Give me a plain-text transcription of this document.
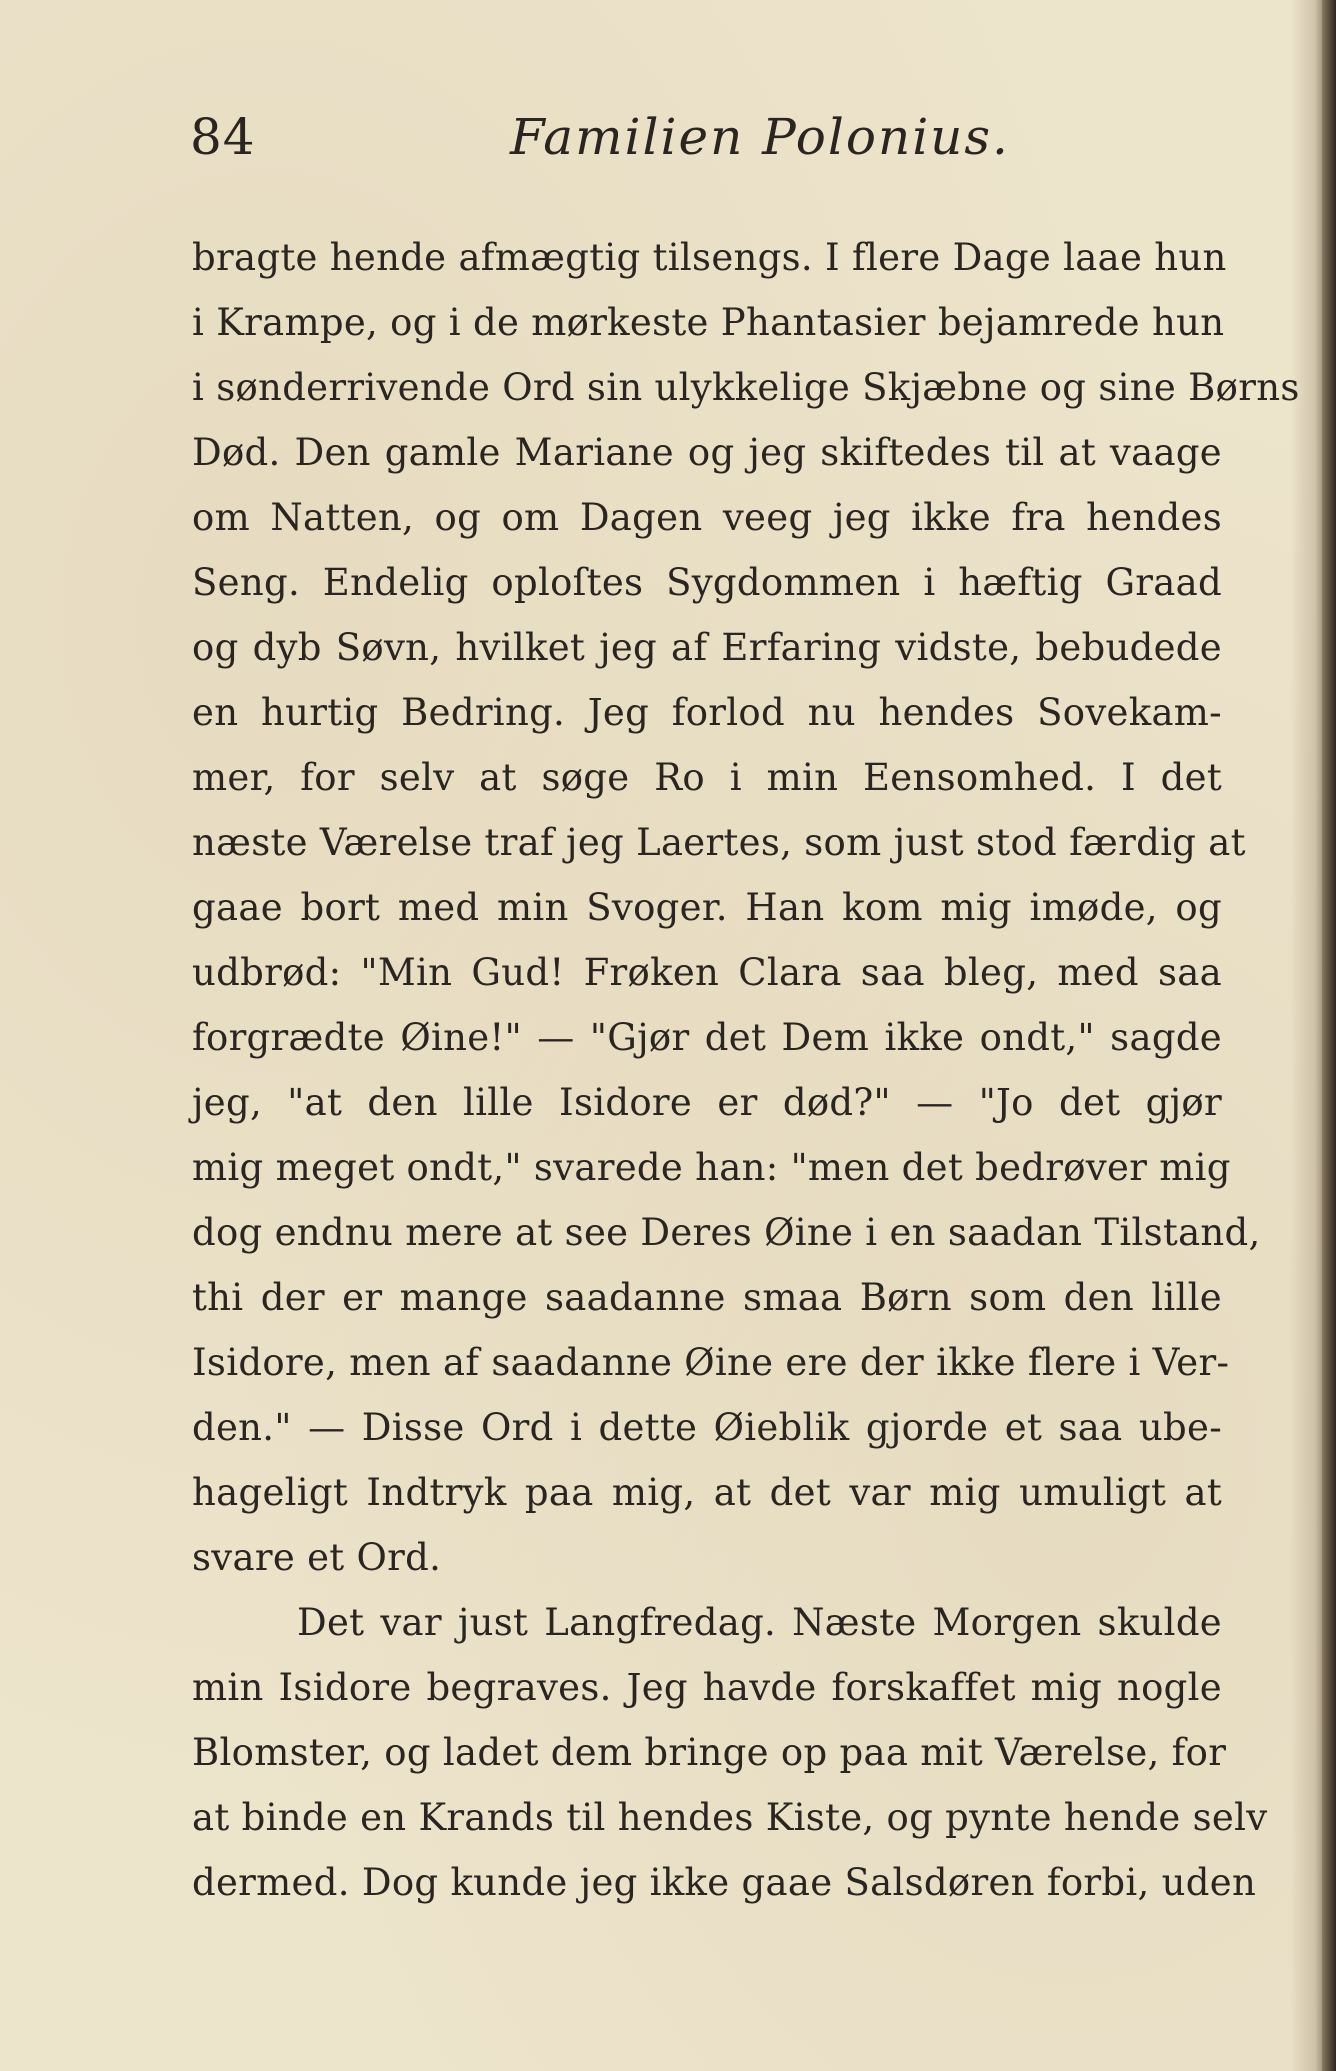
84	Familien Polonius.
bragte hende afmægtig tilsengs. I flere Dage laae hun
i Krampe, og i de mørkeste Phantasier bejamrede hun
i sønderrivende Ord sin ulykkelige Skjæbne og sine Børns
Død. Den gamle Mariane og jeg skiftedes til at vaage
om Natten, og om Dagen veeg jeg ikke fra hendes
Seng. Endelig oploſtes Sygdommen i hæftig Graad
og dyb Søvn, hvilket jeg af Erfaring vidste, bebudede
en hurtig Bedring. Jeg forlod nu hendes Sovekam-
mer, for selv at søge Ro i min Eensomhed. I det
næste Værelse traf jeg Laertes, som just stod færdig at
gaae bort med min Svoger. Han kom mig imøde, og
udbrød: "Min Gud! Frøken Clara saa bleg, med saa
forgrædte Øine!" — "Gjør det Dem ikke ondt," sagde
jeg, "at den lille Isidore er død?" — "Jo det gjør
mig meget ondt," svarede han: "men det bedrøver mig
dog endnu mere at see Deres Øine i en saadan Tilstand,
thi der er mange saadanne smaa Børn som den lille
Isidore, men af saadanne Øine ere der ikke flere i Ver-
den." — Disse Ord i dette Øieblik gjorde et saa ube-
hageligt Indtryk paa mig, at det var mig umuligt at
svare et Ord.
Det var just Langfredag. Næste Morgen skulde
min Isidore begraves. Jeg havde forskaffet mig nogle
Blomster, og ladet dem bringe op paa mit Værelse, for
at binde en Krands til hendes Kiste, og pynte hende selv
dermed. Dog kunde jeg ikke gaae Salsdøren forbi, uden
